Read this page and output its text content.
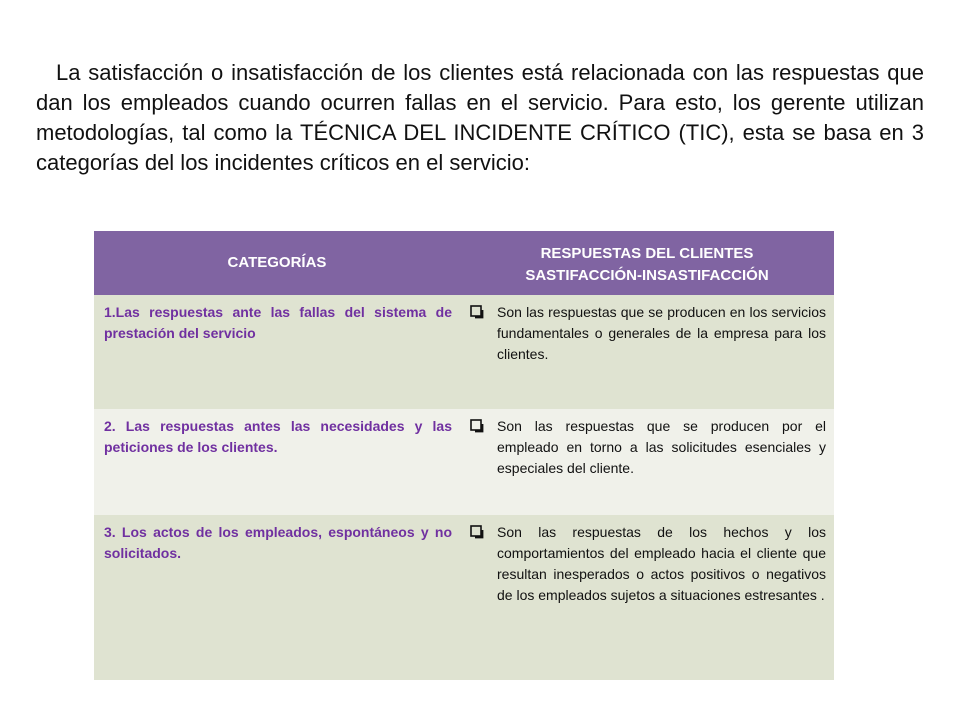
La satisfacción o insatisfacción de los clientes está relacionada con las respuestas que dan los empleados cuando ocurren fallas en el servicio. Para esto, los gerente utilizan metodologías, tal como la TÉCNICA DEL INCIDENTE CRÍTICO (TIC), esta se basa en 3 categorías del los incidentes críticos en el servicio:

CATEGORÍAS	RESPUESTAS DEL CLIENTES
SASTIFACCIÓN-INSASTIFACCIÓN

1.Las respuestas ante las fallas del sistema de prestación del servicio	Son las respuestas que se producen en los servicios fundamentales o generales de la empresa para los clientes.

2. Las respuestas antes las necesidades y las peticiones de los clientes.	Son las respuestas que se producen por el empleado en torno a las solicitudes esenciales y especiales del cliente.

3. Los actos de los empleados, espontáneos y no solicitados.	Son las respuestas de los hechos y los comportamientos del empleado hacia el cliente que resultan inesperados o actos positivos o negativos de los empleados sujetos a situaciones estresantes .
